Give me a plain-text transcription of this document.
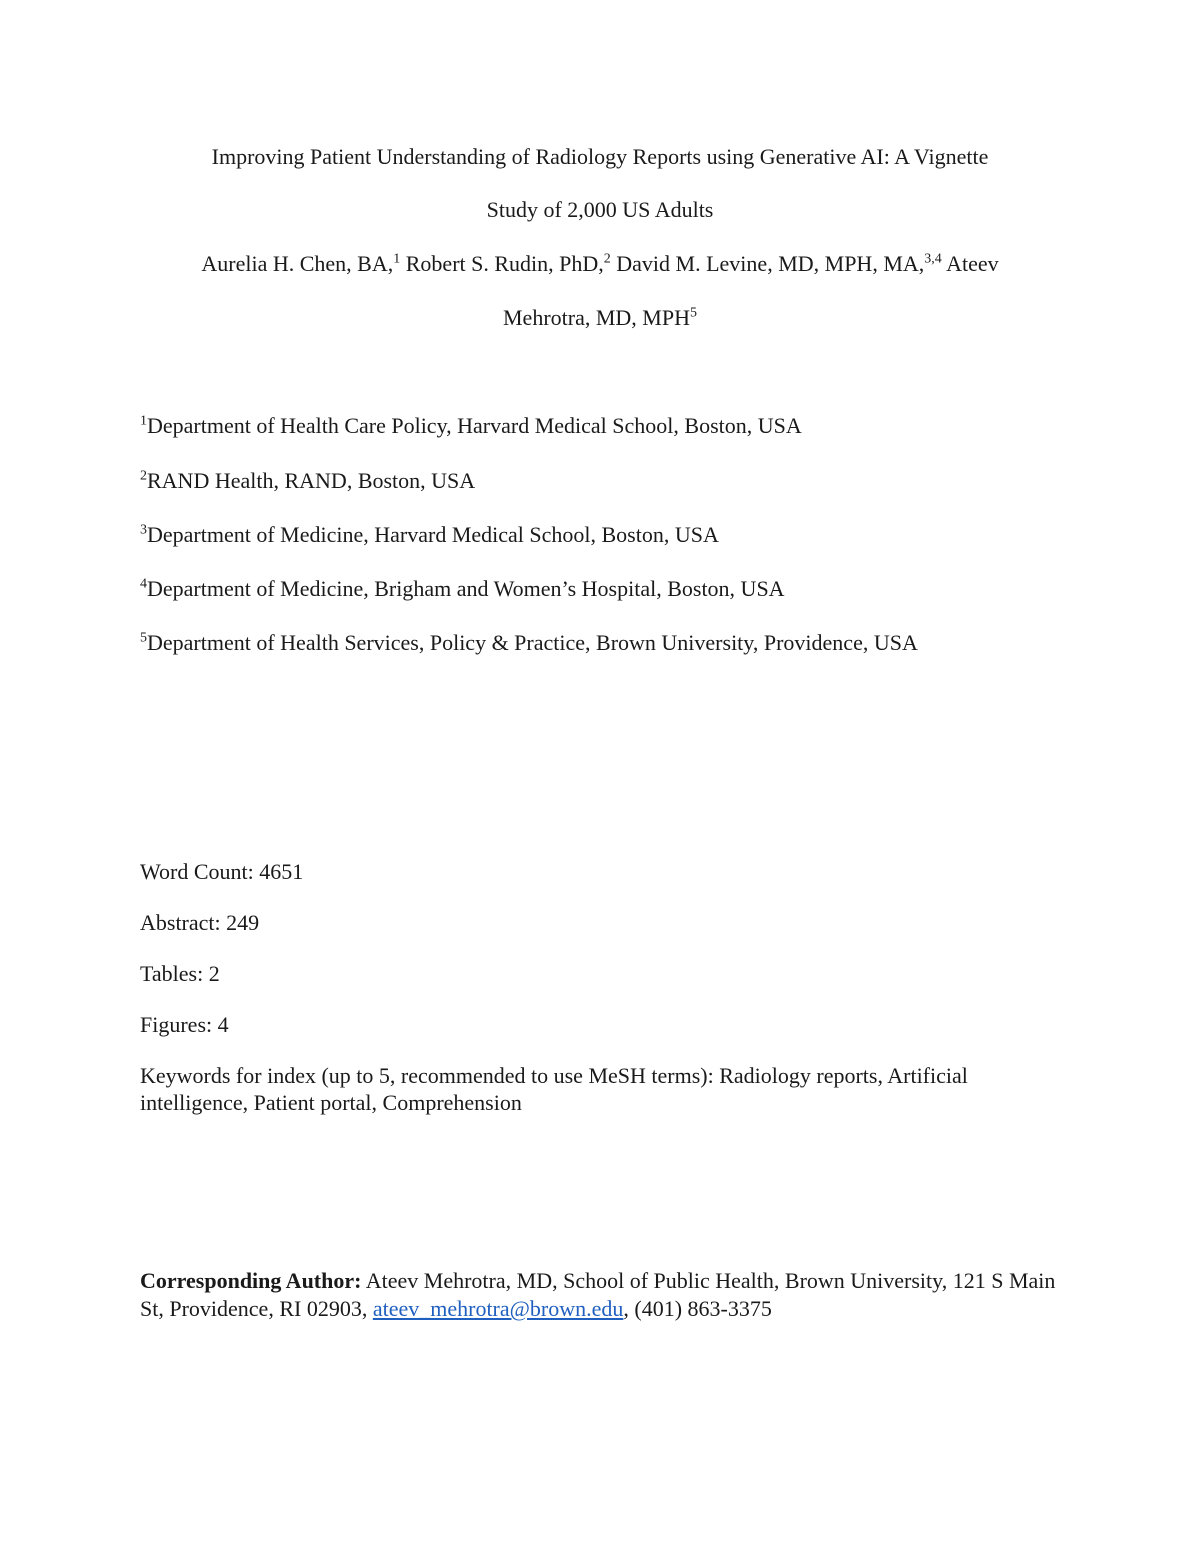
Improving Patient Understanding of Radiology Reports using Generative AI: A Vignette
Study of 2,000 US Adults
Aurelia H. Chen, BA,$^1$ Robert S. Rudin, PhD,$^2$ David M. Levine, MD, MPH, MA,$^{3,4}$ Ateev
Mehrotra, MD, MPH$^5$
$^1$Department of Health Care Policy, Harvard Medical School, Boston, USA
$^2$RAND Health, RAND, Boston, USA
$^3$Department of Medicine, Harvard Medical School, Boston, USA
$^4$Department of Medicine, Brigham and Women’s Hospital, Boston, USA
$^5$Department of Health Services, Policy & Practice, Brown University, Providence, USA
Word Count: 4651
Abstract: 249
Tables: 2
Figures: 4
Keywords for index (up to 5, recommended to use MeSH terms): Radiology reports, Artificial intelligence, Patient portal, Comprehension
Corresponding Author: Ateev Mehrotra, MD, School of Public Health, Brown University, 121 S Main St, Providence, RI 02903, ateev_mehrotra@brown.edu, (401) 863-3375
